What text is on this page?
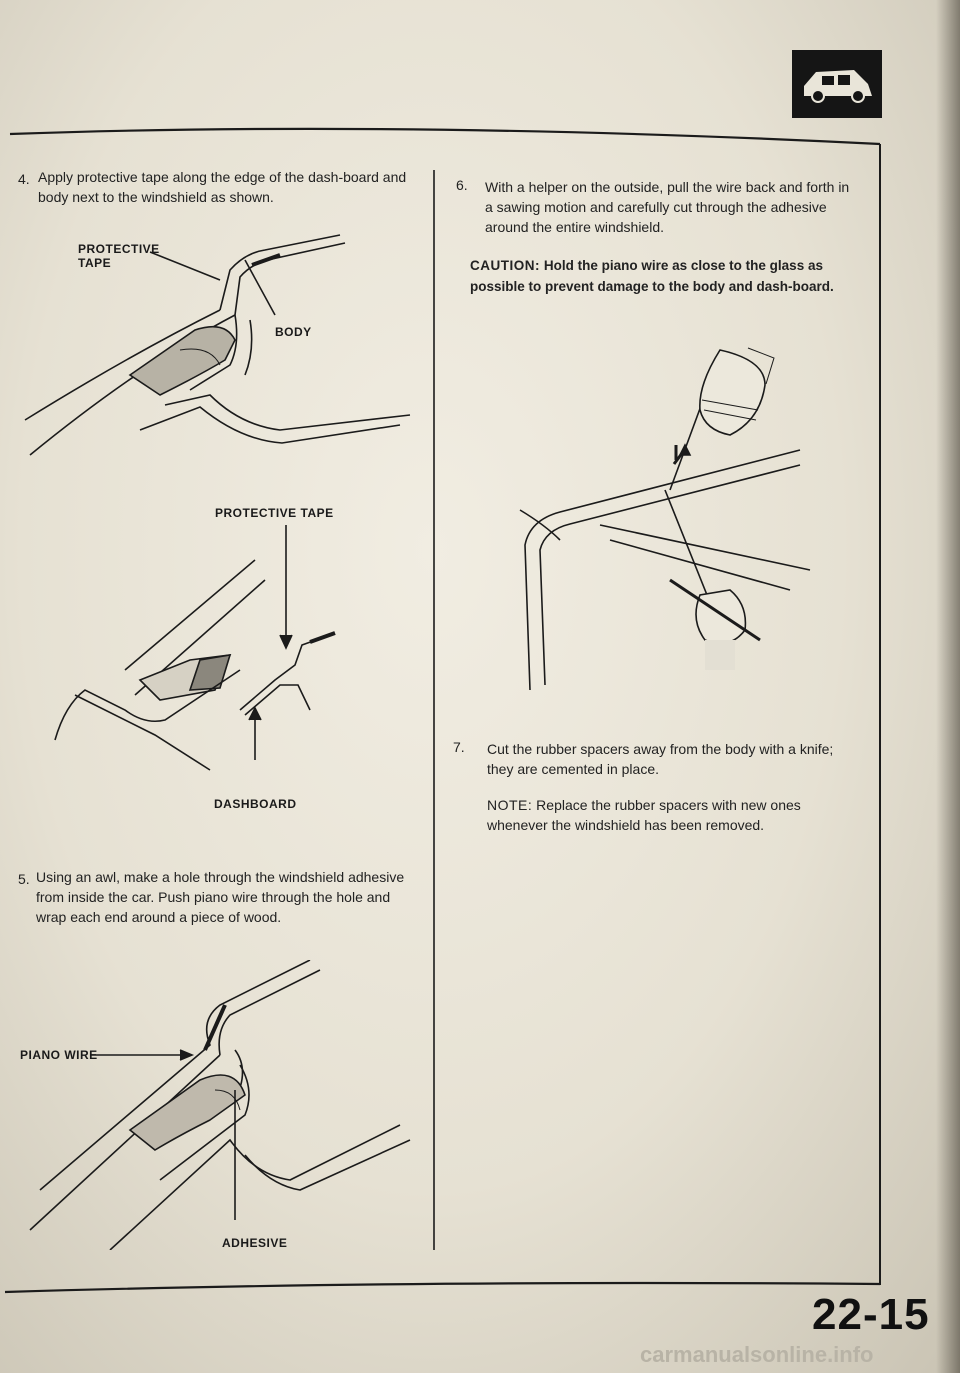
4. Apply protective tape along the edge of the dash-board and body next to the windshield as shown.
PROTECTIVE TAPE
BODY
PROTECTIVE TAPE
DASHBOARD
5. Using an awl, make a hole through the windshield adhesive from inside the car. Push piano wire through the hole and wrap each end around a piece of wood.
PIANO WIRE
ADHESIVE
6. With a helper on the outside, pull the wire back and forth in a sawing motion and carefully cut through the adhesive around the entire windshield.
CAUTION: Hold the piano wire as close to the glass as possible to prevent damage to the body and dash-board.
7. Cut the rubber spacers away from the body with a knife; they are cemented in place.
NOTE: Replace the rubber spacers with new ones whenever the windshield has been removed.
22-15
carmanualsonline.info
